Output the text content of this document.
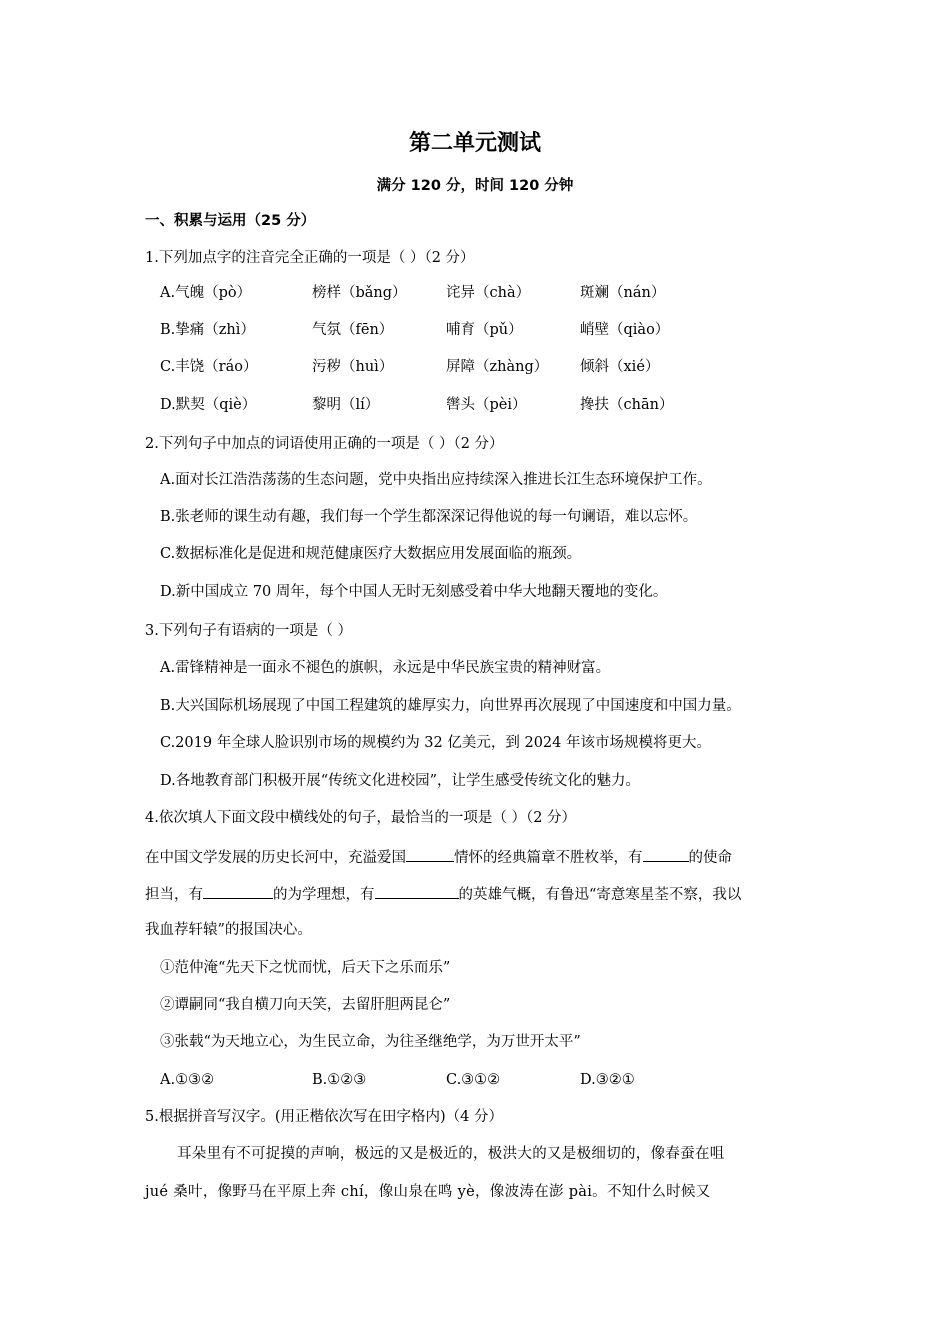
第二单元测试
满分 120 分，时间 120 分钟
一、积累与运用（25 分）
1.下列加点字的注音完全正确的一项是（ ）（2 分）
A.气魄（pò）	榜样（bǎng）	诧异（chà）	斑斓（nán）
B.挚痛（zhì）	气氛（fēn）	哺育（pǔ）	峭壁（qiào）
C.丰饶（ráo）	污秽（huì）	屏障（zhàng） 倾斜（xié）
D.默契（qiè）	黎明（lí）	辔头（pèi）	搀扶（chān）
2.下列句子中加点的词语使用正确的一项是（ ）（2 分）
A.面对长江浩浩荡荡的生态问题，党中央指出应持续深入推进长江生态环境保护工作。
B.张老师的课生动有趣，我们每一个学生都深深记得他说的每一句谰语，难以忘怀。
C.数据标准化是促进和规范健康医疗大数据应用发展面临的瓶颈。
D.新中国成立 70 周年，每个中国人无时无刻感受着中华大地翻天覆地的变化。
3.下列句子有语病的一项是（ ）
A.雷锋精神是一面永不褪色的旗帜，永远是中华民族宝贵的精神财富。
B.大兴国际机场展现了中国工程建筑的雄厚实力，向世界再次展现了中国速度和中国力量。
C.2019 年全球人脸识别市场的规模约为 32 亿美元，到 2024 年该市场规模将更大。
D.各地教育部门积极开展“传统文化进校园”，让学生感受传统文化的魅力。
4.依次填人下面文段中横线处的句子，最恰当的一项是（ ）（2 分）
在中国文学发展的历史长河中，充溢爱国	情怀的经典篇章不胜枚举，有	的使命
担当，有	的为学理想，有	的英雄气概，有鲁迅“寄意寒星荃不察，我以
我血荐轩辕”的报国决心。
①范仲淹“先天下之忧而忧，后天下之乐而乐”
②谭嗣同“我自横刀向天笑，去留肝胆两昆仑”
③张载“为天地立心，为生民立命，为往圣继绝学，为万世开太平”
A.①③②	B.①②③	C.③①②	D.③②①
5.根据拼音写汉字。(用正楷依次写在田字格内)（4 分）
耳朵里有不可捉摸的声响，极远的又是极近的，极洪大的又是极细切的，像春蚕在咀
jué 桑叶，像野马在平原上奔 chí，像山泉在鸣 yè，像波涛在澎 pài。不知什么时候又
